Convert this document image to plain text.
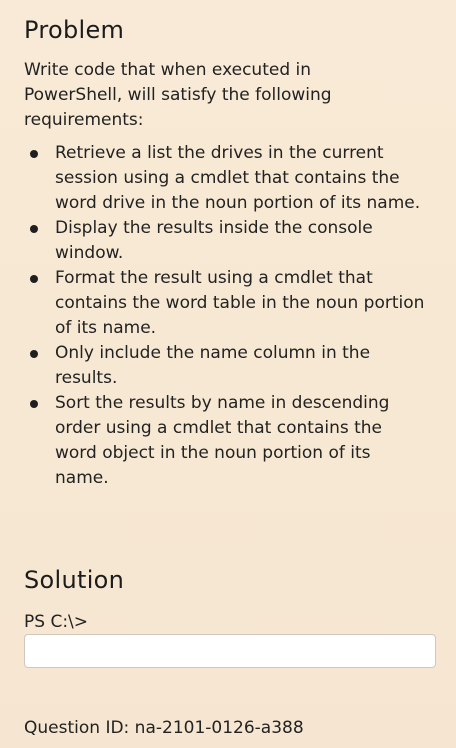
Problem

Write code that when executed in PowerShell, will satisfy the following requirements:

Retrieve a list the drives in the current session using a cmdlet that contains the word drive in the noun portion of its name.
Display the results inside the console window.
Format the result using a cmdlet that contains the word table in the noun portion of its name.
Only include the name column in the results.
Sort the results by name in descending order using a cmdlet that contains the word object in the noun portion of its name.
Solution

PS C:\>

Question ID: na-2101-0126-a388
